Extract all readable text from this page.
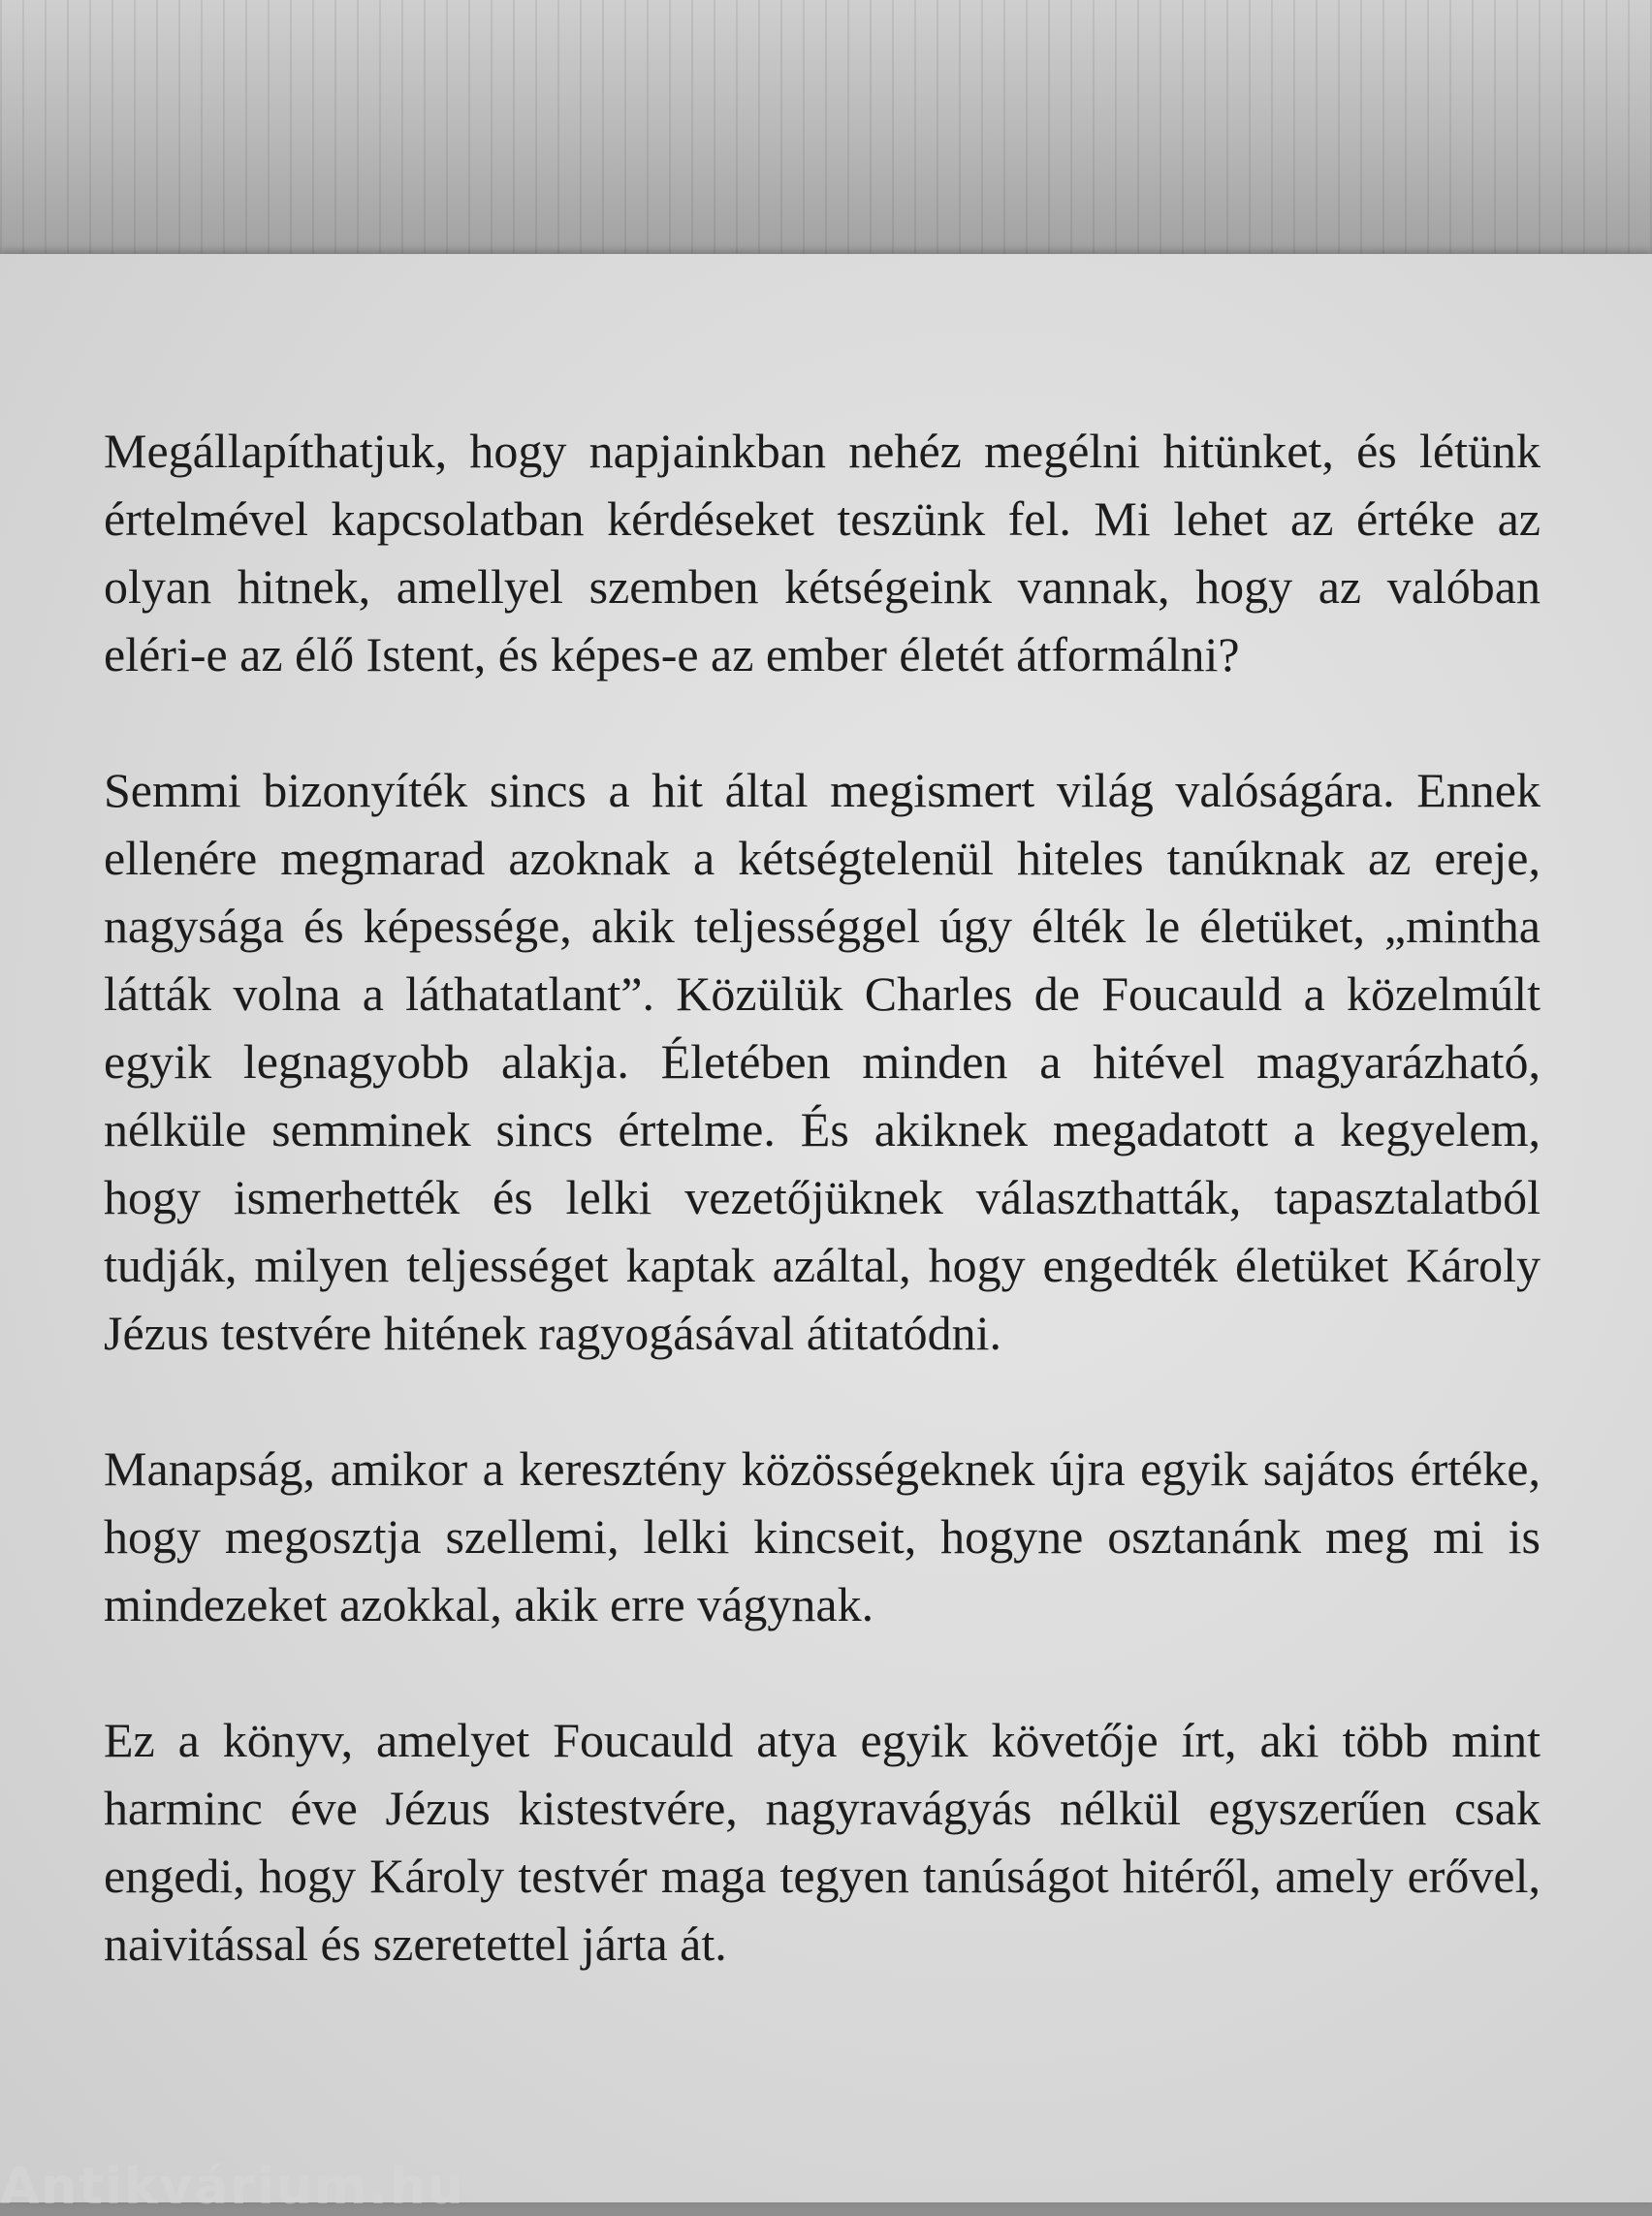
Megállapíthatjuk, hogy napjainkban nehéz megélni hitünket, és létünk értelmével kapcsolatban kérdéseket teszünk fel. Mi lehet az értéke az olyan hitnek, amellyel szemben kétségeink vannak, hogy az valóban eléri-e az élő Istent, és képes-e az ember életét átformálni?

Semmi bizonyíték sincs a hit által megismert világ valóságára. Ennek ellenére megmarad azoknak a kétségtelenül hiteles tanúknak az ereje, nagysága és képessége, akik teljességgel úgy élték le életüket, „mintha látták volna a láthatatlant”. Közülük Charles de Foucauld a közelmúlt egyik legnagyobb alakja. Életében minden a hitével magyarázható, nélküle semminek sincs értelme. És akiknek megadatott a kegyelem, hogy ismerhették és lelki vezetőjüknek választhatták, tapasztalatból tudják, milyen teljességet kaptak azáltal, hogy engedték életüket Károly Jézus testvére hitének ragyogásával átitatódni.

Manapság, amikor a keresztény közösségeknek újra egyik sajátos értéke, hogy megosztja szellemi, lelki kincseit, hogyne osztanánk meg mi is mindezeket azokkal, akik erre vágynak.

Ez a könyv, amelyet Foucauld atya egyik követője írt, aki több mint harminc éve Jézus kistestvére, nagyravágyás nélkül egyszerűen csak engedi, hogy Károly testvér maga tegyen tanúságot hitéről, amely erővel, naivitással és szeretettel járta át.

Antikvárium.hu
